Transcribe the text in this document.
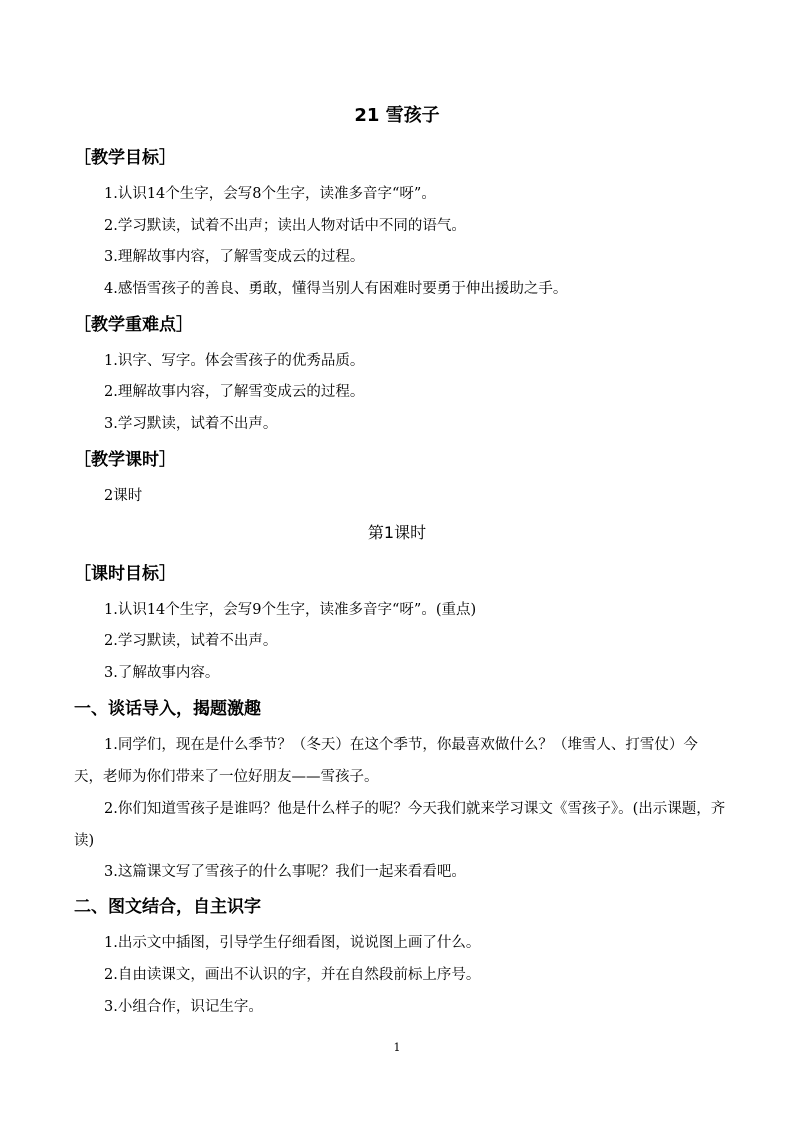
21 雪孩子
［教学目标］
1.认识14个生字，会写8个生字，读准多音字“呀”。
2.学习默读，试着不出声；读出人物对话中不同的语气。
3.理解故事内容，了解雪变成云的过程。
4.感悟雪孩子的善良、勇敢，懂得当别人有困难时要勇于伸出援助之手。
［教学重难点］
1.识字、写字。体会雪孩子的优秀品质。
2.理解故事内容，了解雪变成云的过程。
3.学习默读，试着不出声。
［教学课时］
2课时
第1课时
［课时目标］
1.认识14个生字，会写9个生字，读准多音字“呀”。(重点)
2.学习默读，试着不出声。
3.了解故事内容。
一、谈话导入，揭题激趣
1.同学们，现在是什么季节？（冬天）在这个季节，你最喜欢做什么？（堆雪人、打雪仗）今天，老师为你们带来了一位好朋友——雪孩子。
2.你们知道雪孩子是谁吗？他是什么样子的呢？今天我们就来学习课文《雪孩子》。(出示课题，齐读)
3.这篇课文写了雪孩子的什么事呢？我们一起来看看吧。
二、图文结合，自主识字
1.出示文中插图，引导学生仔细看图，说说图上画了什么。
2.自由读课文，画出不认识的字，并在自然段前标上序号。
3.小组合作，识记生字。
1
